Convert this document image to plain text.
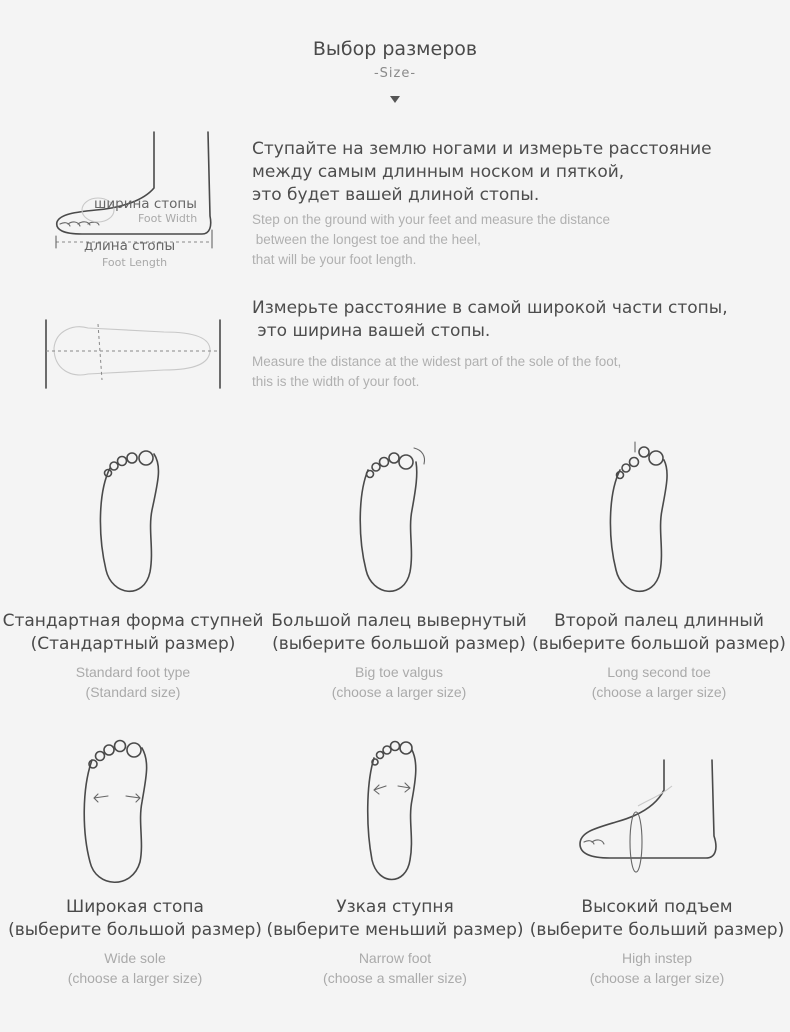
Выбор размеров
-Size-
ширина стопы
Foot Width
длина стопы
Foot Length
Ступайте на землю ногами и измерьте расстояние
между самым длинным носком и пяткой,
это будет вашей длиной стопы.
Step on the ground with your feet and measure the distance
between the longest toe and the heel,
that will be your foot length.
Измерьте расстояние в самой широкой части стопы,
это ширина вашей стопы.
Measure the distance at the widest part of the sole of the foot,
this is the width of your foot.
Стандартная форма ступней
(Стандартный размер)
Standard foot type
(Standard size)
Большой палец вывернутый
(выберите большой размер)
Big toe valgus
(choose a larger size)
Второй палец длинный
(выберите большой размер)
Long second toe
(choose a larger size)
Широкая стопа
(выберите большой размер)
Wide sole
(choose a larger size)
Узкая ступня
(выберите меньший размер)
Narrow foot
(choose a smaller size)
Высокий подъем
(выберите больший размер)
High instep
(choose a larger size)
